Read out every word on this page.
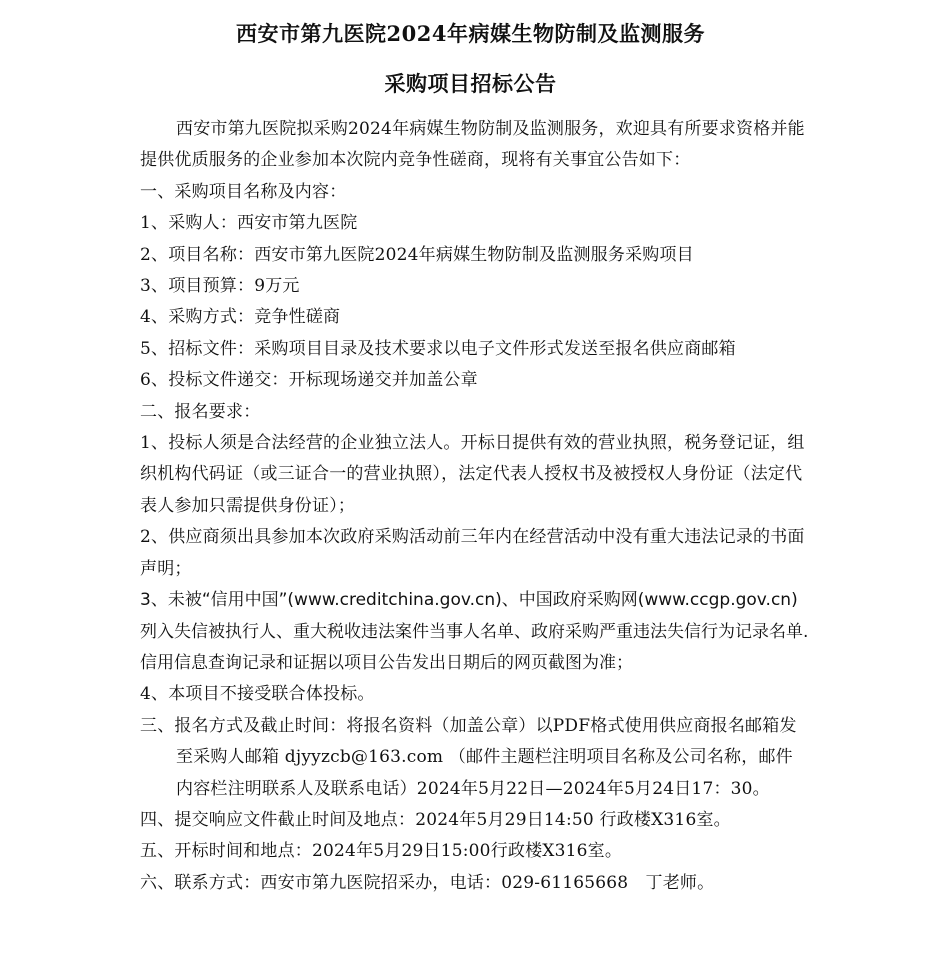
西安市第九医院2024年病媒生物防制及监测服务
采购项目招标公告

西安市第九医院拟采购2024年病媒生物防制及监测服务，欢迎具有所要求资格并能提供优质服务的企业参加本次院内竞争性磋商，现将有关事宜公告如下：

一、采购项目名称及内容：

1、采购人：西安市第九医院

2、项目名称：西安市第九医院2024年病媒生物防制及监测服务采购项目

3、项目预算：9万元

4、采购方式：竞争性磋商

5、招标文件：采购项目目录及技术要求以电子文件形式发送至报名供应商邮箱

6、投标文件递交：开标现场递交并加盖公章

二、报名要求：

1、投标人须是合法经营的企业独立法人。开标日提供有效的营业执照，税务登记证，组织机构代码证（或三证合一的营业执照），法定代表人授权书及被授权人身份证（法定代表人参加只需提供身份证）；

2、供应商须出具参加本次政府采购活动前三年内在经营活动中没有重大违法记录的书面声明；

3、未被“信用中国”(www.creditchina.gov.cn)、中国政府采购网(www.ccgp.gov.cn)列入失信被执行人、重大税收违法案件当事人名单、政府采购严重违法失信行为记录名单.信用信息查询记录和证据以项目公告发出日期后的网页截图为准；

4、本项目不接受联合体投标。

三、报名方式及截止时间：将报名资料（加盖公章）以PDF格式使用供应商报名邮箱发至采购人邮箱 djyyzcb@163.com （邮件主题栏注明项目名称及公司名称，邮件内容栏注明联系人及联系电话）2024年5月22日—2024年5月24日17：30。

四、提交响应文件截止时间及地点：2024年5月29日14:50 行政楼X316室。

五、开标时间和地点：2024年5月29日15:00行政楼X316室。

六、联系方式：西安市第九医院招采办，电话：029-61165668　丁老师。
